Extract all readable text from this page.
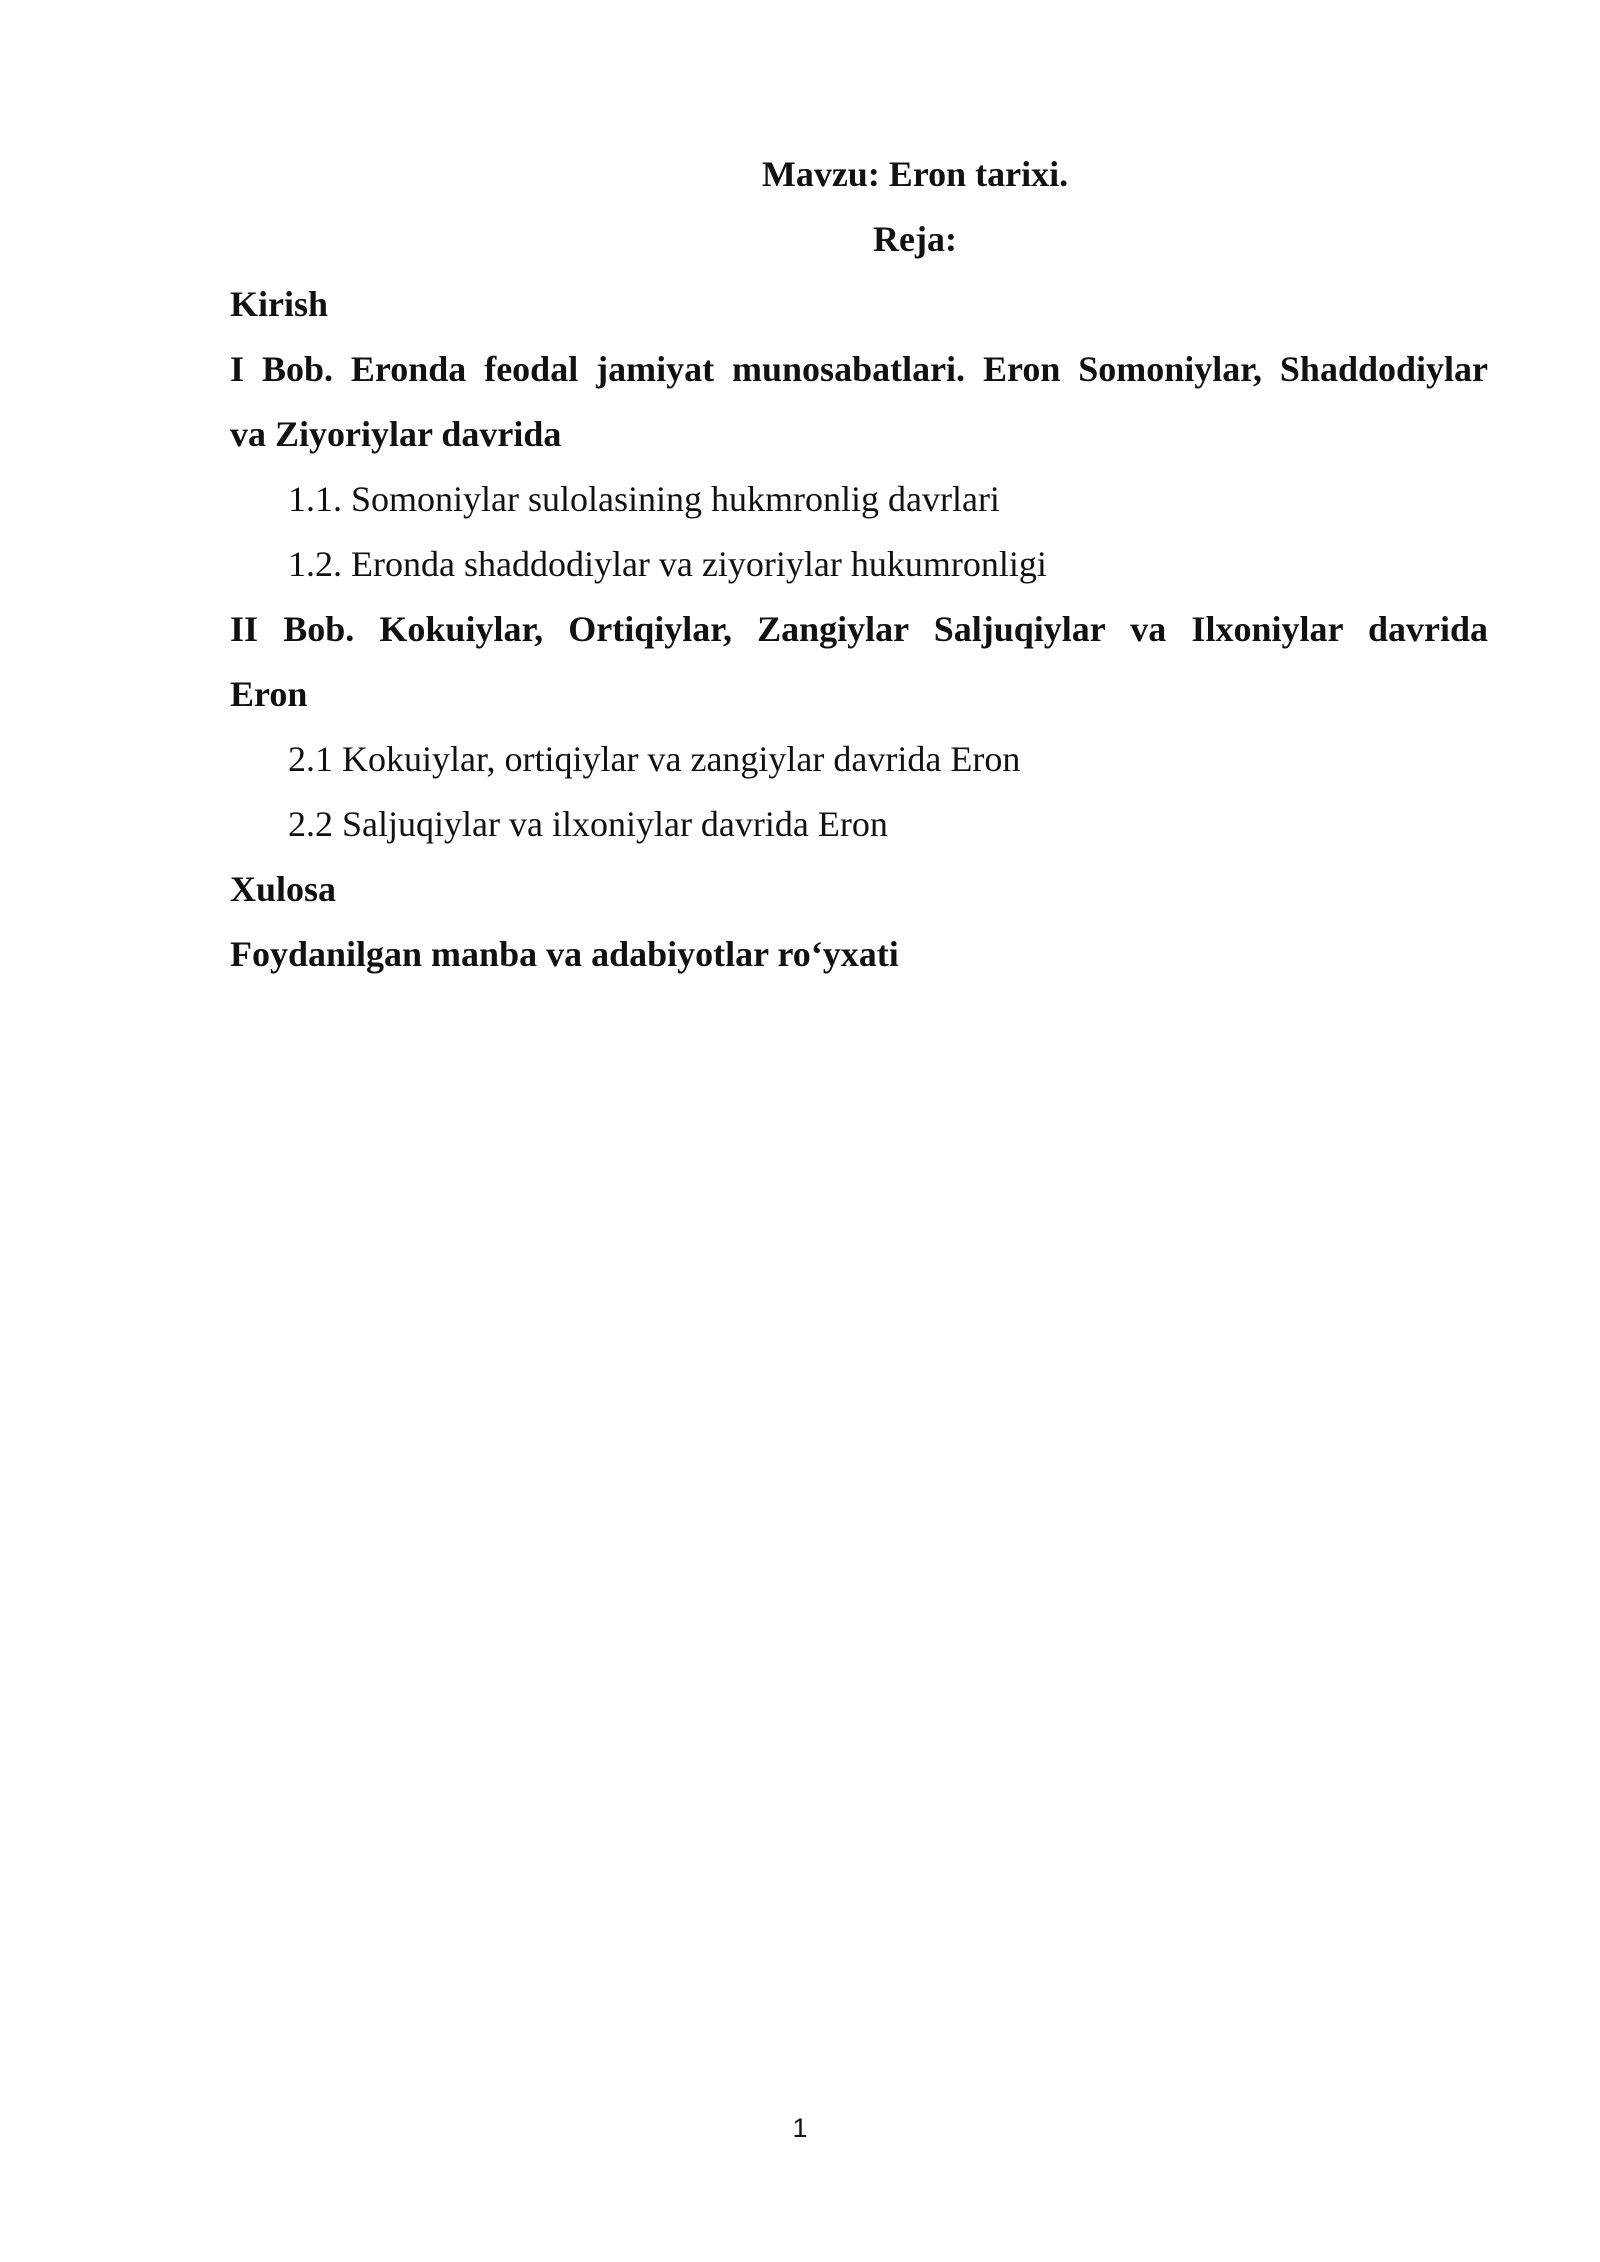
Mavzu: Eron tarixi.
Reja:
Kirish
I Bob. Eronda feodal jamiyat munosabatlari. Eron Somoniylar, Shaddodiylar
va Ziyoriylar davrida
1.1. Somoniylar sulolasining hukmronlig davrlari
1.2. Eronda shaddodiylar va ziyoriylar hukumronligi
II Bob. Kokuiylar, Ortiqiylar, Zangiylar Saljuqiylar va Ilxoniylar davrida
Eron
2.1 Kokuiylar, ortiqiylar va zangiylar davrida Eron
2.2 Saljuqiylar va ilxoniylar davrida Eron
Xulosa
Foydanilgan manba va adabiyotlar ro‘yxati
1
